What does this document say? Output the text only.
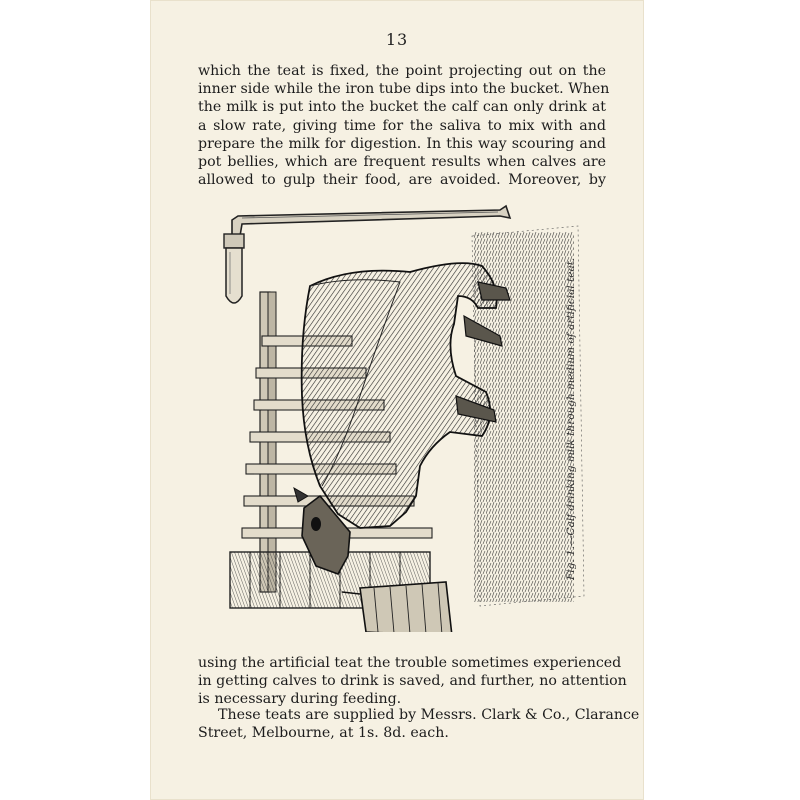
13

which the teat is fixed, the point projecting out on the
inner side while the iron tube dips into the bucket. When
the milk is put into the bucket the calf can only drink at
a slow rate, giving time for the saliva to mix with and
prepare the milk for digestion. In this way scouring and
pot bellies, which are frequent results when calves are
allowed to gulp their food, are avoided. Moreover, by

Fig. 1.—Calf drinking milk through medium of artificial teat.

using the artificial teat the trouble sometimes experienced
in getting calves to drink is saved, and further, no attention
is necessary during feeding.

These teats are supplied by Messrs. Clark & Co., Clarance
Street, Melbourne, at 1s. 8d. each.
